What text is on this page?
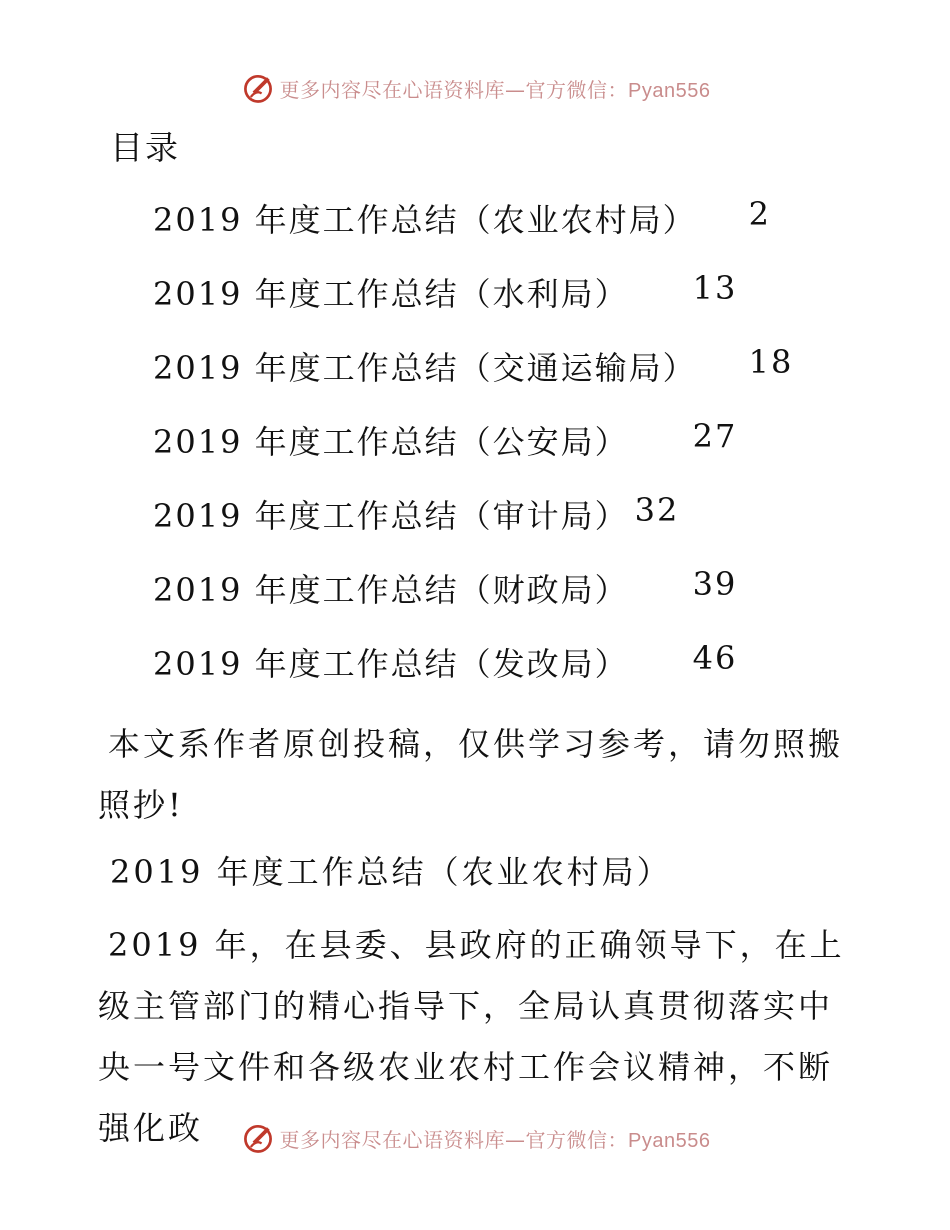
更多内容尽在心语资料库—官方微信：Pyan556
目录
2019 年度工作总结（农业农村局） 2
2019 年度工作总结（水利局） 13
2019 年度工作总结（交通运输局） 18
2019 年度工作总结（公安局） 27
2019 年度工作总结（审计局） 32
2019 年度工作总结（财政局） 39
2019 年度工作总结（发改局） 46

本文系作者原创投稿，仅供学习参考，请勿照搬照抄!

2019 年度工作总结（农业农村局）

2019 年，在县委、县政府的正确领导下，在上级主管部门的精心指导下，全局认真贯彻落实中央一号文件和各级农业农村工作会议精神，不断强化政	更多内容尽在心语资料库—官方微信：Pyan556
